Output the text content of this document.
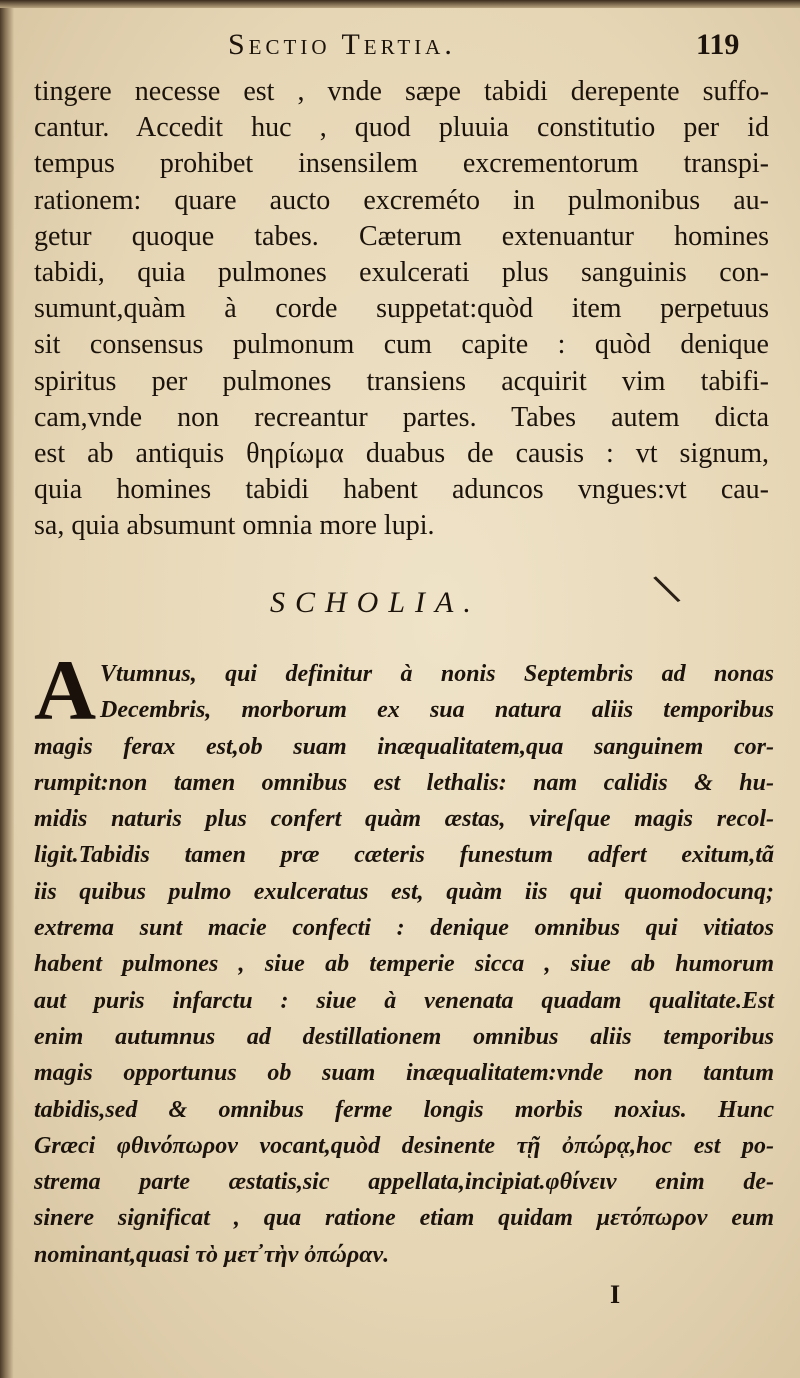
Sectio Tertia.	119
tingere necesse est , vnde sæpe tabidi derepente suffo-
cantur. Accedit huc , quod pluuia constitutio per id
tempus prohibet insensilem excrementorum transpi-
rationem: quare aucto excreméto in pulmonibus au-
getur quoque tabes. Cæterum extenuantur homines
tabidi, quia pulmones exulcerati plus sanguinis con-
sumunt,quàm à corde suppetat:quòd item perpetuus
sit consensus pulmonum cum capite : quòd denique
spiritus per pulmones transiens acquirit vim tabifi-
cam,vnde non recreantur partes. Tabes autem dicta
est ab antiquis θηρίωμα duabus de causis : vt signum,
quia homines tabidi habent aduncos vngues:vt cau-
sa, quia absumunt omnia more lupi.
SCHOLIA.	\
A Vtumnus, qui definitur à nonis Septembris ad nonas
Decembris, morborum ex sua natura aliis temporibus
magis ferax est,ob suam inæqualitatem,qua sanguinem cor-
rumpit:non tamen omnibus est lethalis: nam calidis & hu-
midis naturis plus confert quàm æstas, vireſque magis recol-
ligit.Tabidis tamen præ cæteris funestum adfert exitum,tã
iis quibus pulmo exulceratus est, quàm iis qui quomodocunq;
extrema sunt macie confecti : denique omnibus qui vitiatos
habent pulmones , siue ab temperie sicca , siue ab humorum
aut puris infarctu : siue à venenata quadam qualitate.Est
enim autumnus ad destillationem omnibus aliis temporibus
magis opportunus ob suam inæqualitatem:vnde non tantum
tabidis,sed & omnibus ferme longis morbis noxius. Hunc
Græci φθινόπωρον vocant,quòd desinente τῇ ὀπώρᾳ,hoc est po-
strema parte æstatis,sic appellata,incipiat.φθίνειν enim de-
sinere significat , qua ratione etiam quidam μετόπωρον eum
nominant,quasi τὸ μετ̓ τὴν ὀπώραν.
I
